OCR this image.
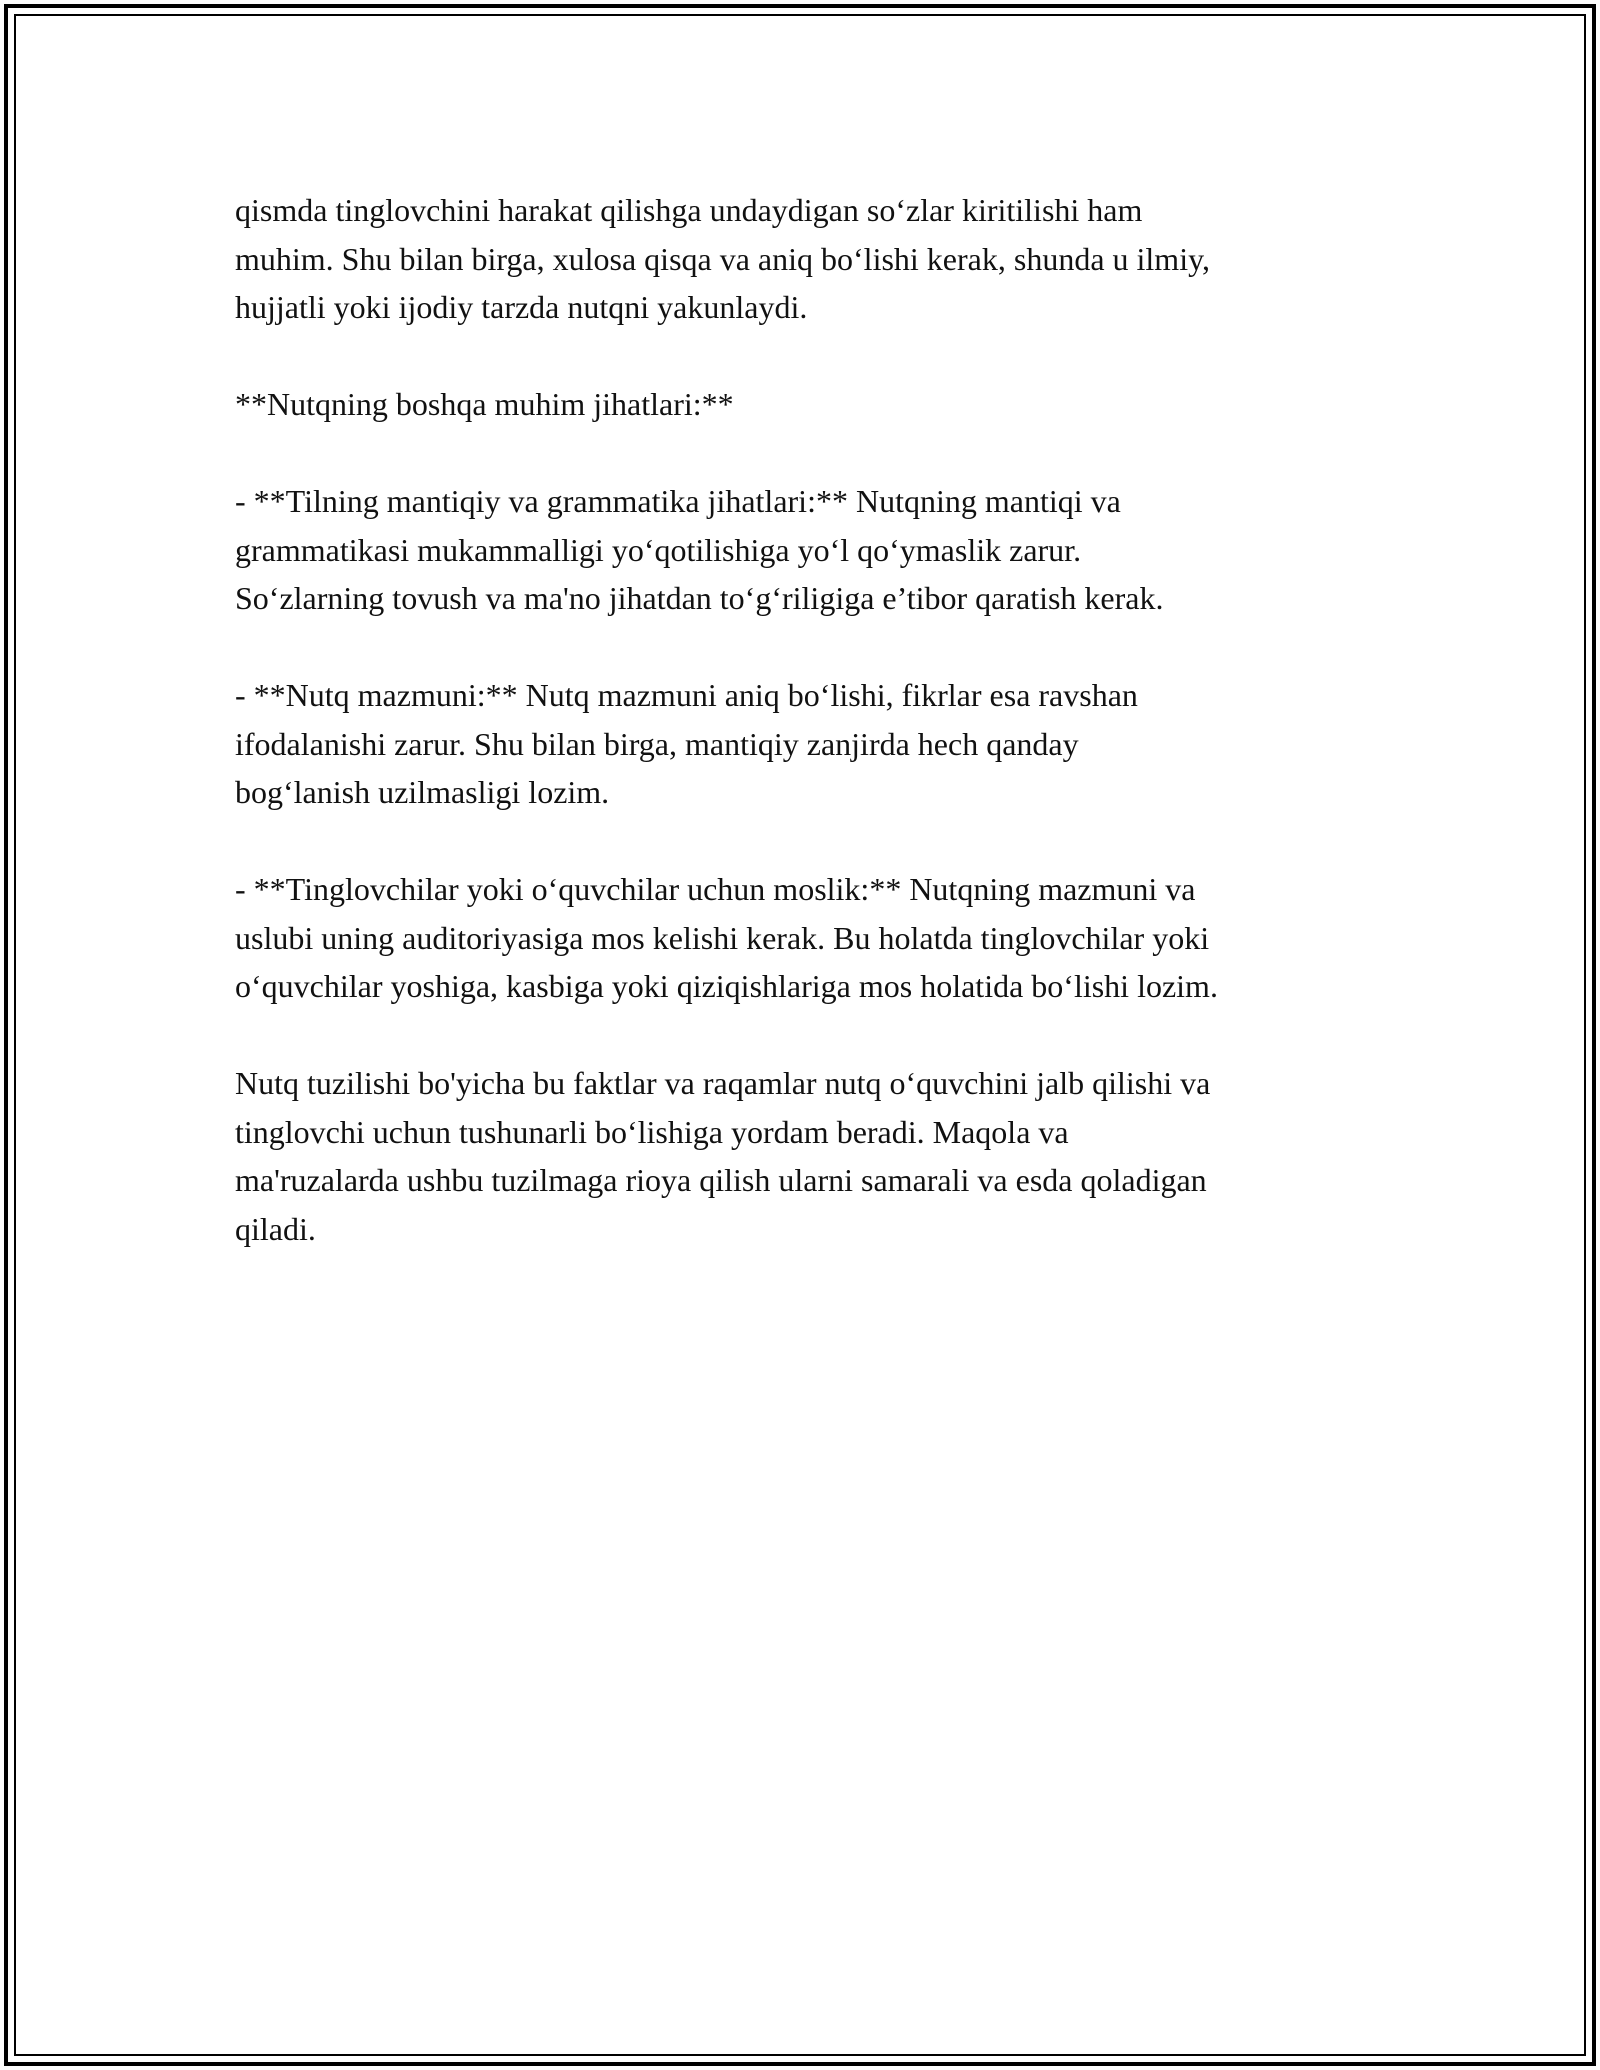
qismda tinglovchini harakat qilishga undaydigan so‘zlar kiritilishi ham
muhim. Shu bilan birga, xulosa qisqa va aniq bo‘lishi kerak, shunda u ilmiy,
hujjatli yoki ijodiy tarzda nutqni yakunlaydi.

**Nutqning boshqa muhim jihatlari:**

- **Tilning mantiqiy va grammatika jihatlari:** Nutqning mantiqi va
grammatikasi mukammalligi yo‘qotilishiga yo‘l qo‘ymaslik zarur.
So‘zlarning tovush va ma'no jihatdan to‘g‘riligiga e’tibor qaratish kerak.

- **Nutq mazmuni:** Nutq mazmuni aniq bo‘lishi, fikrlar esa ravshan
ifodalanishi zarur. Shu bilan birga, mantiqiy zanjirda hech qanday
bog‘lanish uzilmasligi lozim.

- **Tinglovchilar yoki o‘quvchilar uchun moslik:** Nutqning mazmuni va
uslubi uning auditoriyasiga mos kelishi kerak. Bu holatda tinglovchilar yoki
o‘quvchilar yoshiga, kasbiga yoki qiziqishlariga mos holatida bo‘lishi lozim.

Nutq tuzilishi bo'yicha bu faktlar va raqamlar nutq o‘quvchini jalb qilishi va
tinglovchi uchun tushunarli bo‘lishiga yordam beradi. Maqola va
ma'ruzalarda ushbu tuzilmaga rioya qilish ularni samarali va esda qoladigan
qiladi.
